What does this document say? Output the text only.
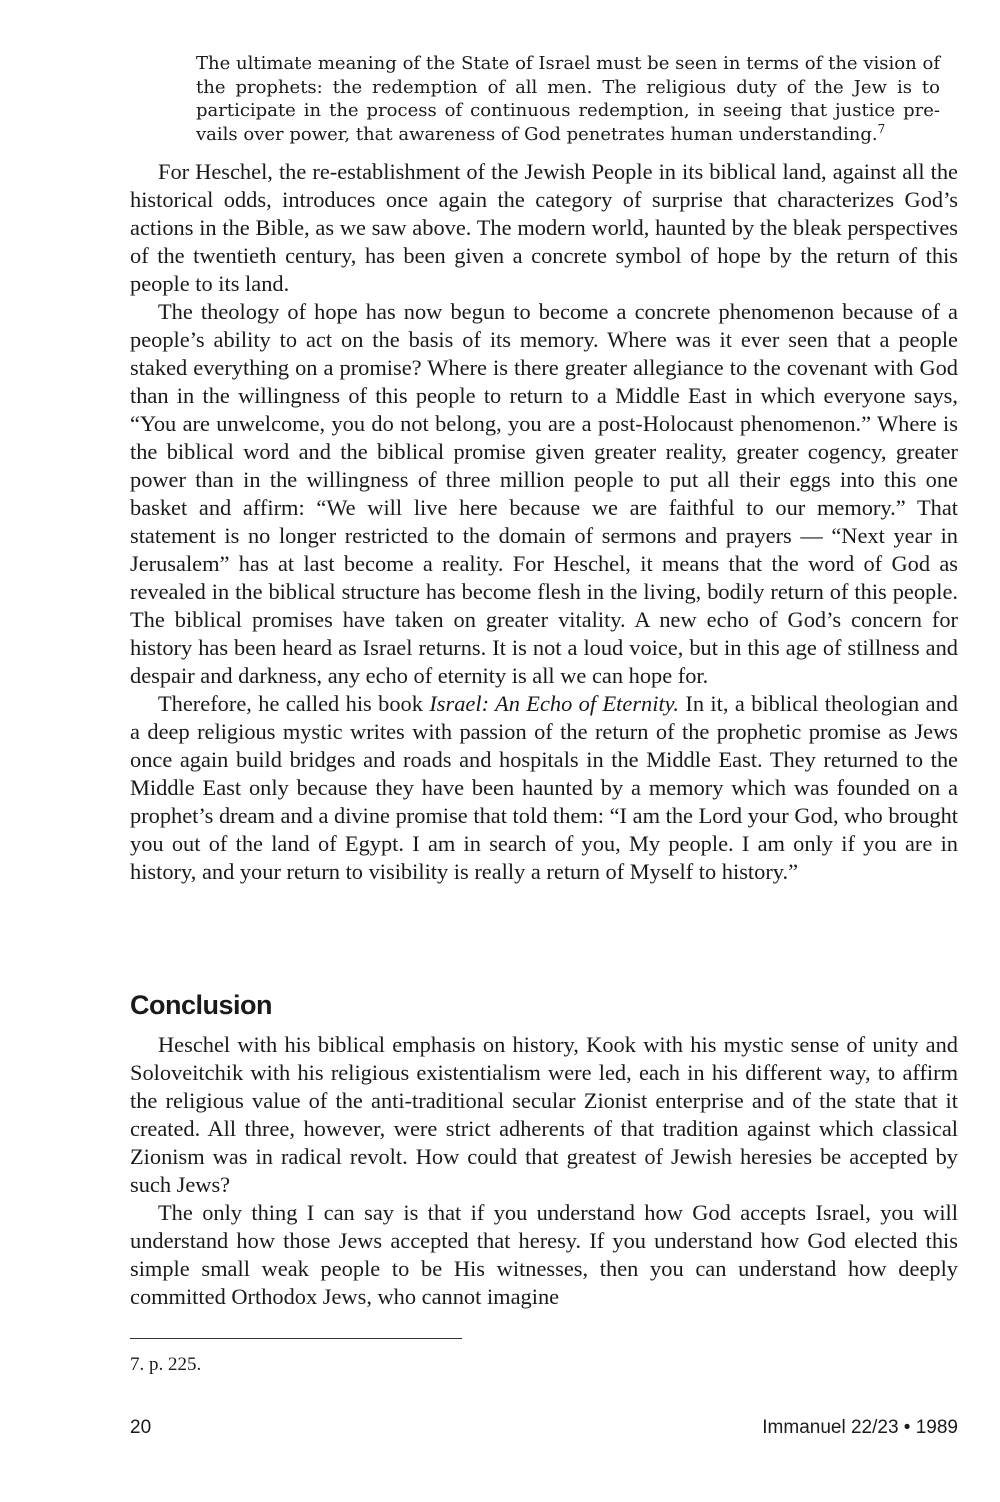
The ultimate meaning of the State of Israel must be seen in terms of the vision of the prophets: the redemption of all men. The religious duty of the Jew is to participate in the process of continuous redemption, in seeing that justice prevails over power, that awareness of God penetrates human understanding.$^7$

For Heschel, the re-establishment of the Jewish People in its biblical land, against all the historical odds, introduces once again the category of surprise that characterizes God’s actions in the Bible, as we saw above. The modern world, haunted by the bleak perspectives of the twentieth century, has been given a concrete symbol of hope by the return of this people to its land.

The theology of hope has now begun to become a concrete phenomenon because of a people’s ability to act on the basis of its memory. Where was it ever seen that a people staked everything on a promise? Where is there greater allegiance to the covenant with God than in the willingness of this people to return to a Middle East in which everyone says, “You are unwelcome, you do not belong, you are a post-Holocaust phenomenon.” Where is the biblical word and the biblical promise given greater reality, greater cogency, greater power than in the willingness of three million people to put all their eggs into this one basket and affirm: “We will live here because we are faithful to our memory.” That statement is no longer restricted to the domain of sermons and prayers — “Next year in Jerusalem” has at last become a reality. For Heschel, it means that the word of God as revealed in the biblical structure has become flesh in the living, bodily return of this people. The biblical promises have taken on greater vitality. A new echo of God’s concern for history has been heard as Israel returns. It is not a loud voice, but in this age of stillness and despair and darkness, any echo of eternity is all we can hope for.

Therefore, he called his book Israel: An Echo of Eternity. In it, a biblical theologian and a deep religious mystic writes with passion of the return of the prophetic promise as Jews once again build bridges and roads and hospitals in the Middle East. They returned to the Middle East only because they have been haunted by a memory which was founded on a prophet’s dream and a divine promise that told them: “I am the Lord your God, who brought you out of the land of Egypt. I am in search of you, My people. I am only if you are in history, and your return to visibility is really a return of Myself to history.”

Conclusion

Heschel with his biblical emphasis on history, Kook with his mystic sense of unity and Soloveitchik with his religious existentialism were led, each in his different way, to affirm the religious value of the anti-traditional secular Zionist enterprise and of the state that it created. All three, however, were strict adherents of that tradition against which classical Zionism was in radical revolt. How could that greatest of Jewish heresies be accepted by such Jews?

The only thing I can say is that if you understand how God accepts Israel, you will understand how those Jews accepted that heresy. If you understand how God elected this simple small weak people to be His witnesses, then you can understand how deeply committed Orthodox Jews, who cannot imagine

7. p. 225.
20	Immanuel 22/23 • 1989
